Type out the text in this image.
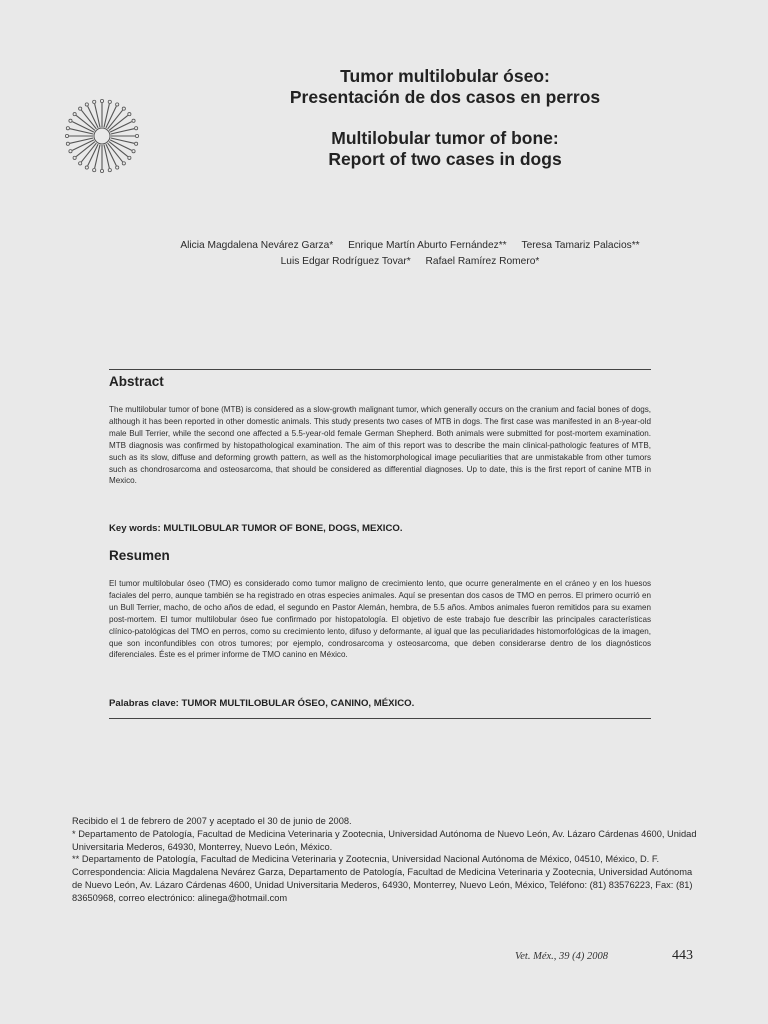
Tumor multilobular óseo:
Presentación de dos casos en perros
Multilobular tumor of bone:
Report of two cases in dogs
Alicia Magdalena Nevárez Garza* Enrique Martín Aburto Fernández** Teresa Tamariz Palacios**
Luis Edgar Rodríguez Tovar* Rafael Ramírez Romero*
Abstract

The multilobular tumor of bone (MTB) is considered as a slow-growth malignant tumor, which generally occurs on the cranium and facial bones of dogs, although it has been reported in other domestic animals. This study presents two cases of MTB in dogs. The first case was manifested in an 8-year-old male Bull Terrier, while the second one affected a 5.5-year-old female German Shepherd. Both animals were submitted for post-mortem examination. MTB diagnosis was confirmed by histopathological examination. The aim of this report was to describe the main clinical-pathologic features of MTB, such as its slow, diffuse and deforming growth pattern, as well as the histomorphological image peculiarities that are unmistakable from other tumors such as chondrosarcoma and osteosarcoma, that should be considered as differential diagnoses. Up to date, this is the first report of canine MTB in Mexico.

Key words: MULTILOBULAR TUMOR OF BONE, DOGS, MEXICO.
Resumen

El tumor multilobular óseo (TMO) es considerado como tumor maligno de crecimiento lento, que ocurre generalmente en el cráneo y en los huesos faciales del perro, aunque también se ha registrado en otras especies animales. Aquí se presentan dos casos de TMO en perros. El primero ocurrió en un Bull Terrier, macho, de ocho años de edad, el segundo en Pastor Alemán, hembra, de 5.5 años. Ambos animales fueron remitidos para su examen post-mortem. El tumor multilobular óseo fue confirmado por histopatología. El objetivo de este trabajo fue describir las principales características clínico-patológicas del TMO en perros, como su crecimiento lento, difuso y deformante, al igual que las peculiaridades histomorfológicas de la imagen, que son inconfundibles con otros tumores; por ejemplo, condrosarcoma y osteosarcoma, que deben considerarse dentro de los diagnósticos diferenciales. Éste es el primer informe de TMO canino en México.

Palabras clave: TUMOR MULTILOBULAR ÓSEO, CANINO, MÉXICO.

Recibido el 1 de febrero de 2007 y aceptado el 30 de junio de 2008.

* Departamento de Patología, Facultad de Medicina Veterinaria y Zootecnia, Universidad Autónoma de Nuevo León, Av. Lázaro Cárdenas 4600, Unidad Universitaria Mederos, 64930, Monterrey, Nuevo León, México.

** Departamento de Patología, Facultad de Medicina Veterinaria y Zootecnia, Universidad Nacional Autónoma de México, 04510, México, D. F.

Correspondencia: Alicia Magdalena Nevárez Garza, Departamento de Patología, Facultad de Medicina Veterinaria y Zootecnia, Universidad Autónoma de Nuevo León, Av. Lázaro Cárdenas 4600, Unidad Universitaria Mederos, 64930, Monterrey, Nuevo León, México, Teléfono: (81) 83576223, Fax: (81) 83650968, correo electrónico: alinega@hotmail.com

Vet. Méx., 39 (4) 2008	443
